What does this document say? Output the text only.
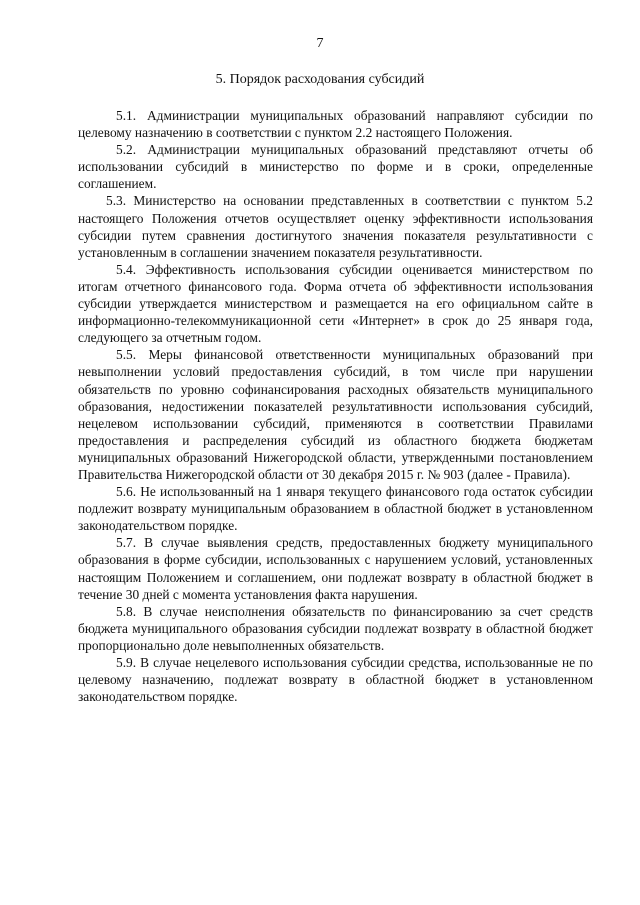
7
5. Порядок расходования субсидий

5.1. Администрации муниципальных образований направляют субсидии по целевому назначению в соответствии с пунктом 2.2 настоящего Положения.

5.2. Администрации муниципальных образований представляют отчеты об использовании субсидий в министерство по форме и в сроки, определенные соглашением.

5.3. Министерство на основании представленных в соответствии с пунктом 5.2 настоящего Положения отчетов осуществляет оценку эффективности использования субсидии путем сравнения достигнутого значения показателя результативности с установленным в соглашении значением показателя результативности.

5.4. Эффективность использования субсидии оценивается министерством по итогам отчетного финансового года. Форма отчета об эффективности использования субсидии утверждается министерством и размещается на его официальном сайте в информационно-телекоммуникационной сети «Интернет» в срок до 25 января года, следующего за отчетным годом.

5.5. Меры финансовой ответственности муниципальных образований при невыполнении условий предоставления субсидий, в том числе при нарушении обязательств по уровню софинансирования расходных обязательств муниципального образования, недостижении показателей результативности использования субсидий, нецелевом использовании субсидий, применяются в соответствии Правилами предоставления и распределения субсидий из областного бюджета бюджетам муниципальных образований Нижегородской области, утвержденными постановлением Правительства Нижегородской области от 30 декабря 2015 г. № 903 (далее - Правила).

5.6. Не использованный на 1 января текущего финансового года остаток субсидии подлежит возврату муниципальным образованием в областной бюджет в установленном законодательством порядке.

5.7. В случае выявления средств, предоставленных бюджету муниципального образования в форме субсидии, использованных с нарушением условий, установленных настоящим Положением и соглашением, они подлежат возврату в областной бюджет в течение 30 дней с момента установления факта нарушения.

5.8. В случае неисполнения обязательств по финансированию за счет средств бюджета муниципального образования субсидии подлежат возврату в областной бюджет пропорционально доле невыполненных обязательств.

5.9. В случае нецелевого использования субсидии средства, использованные не по целевому назначению, подлежат возврату в областной бюджет в установленном законодательством порядке.
